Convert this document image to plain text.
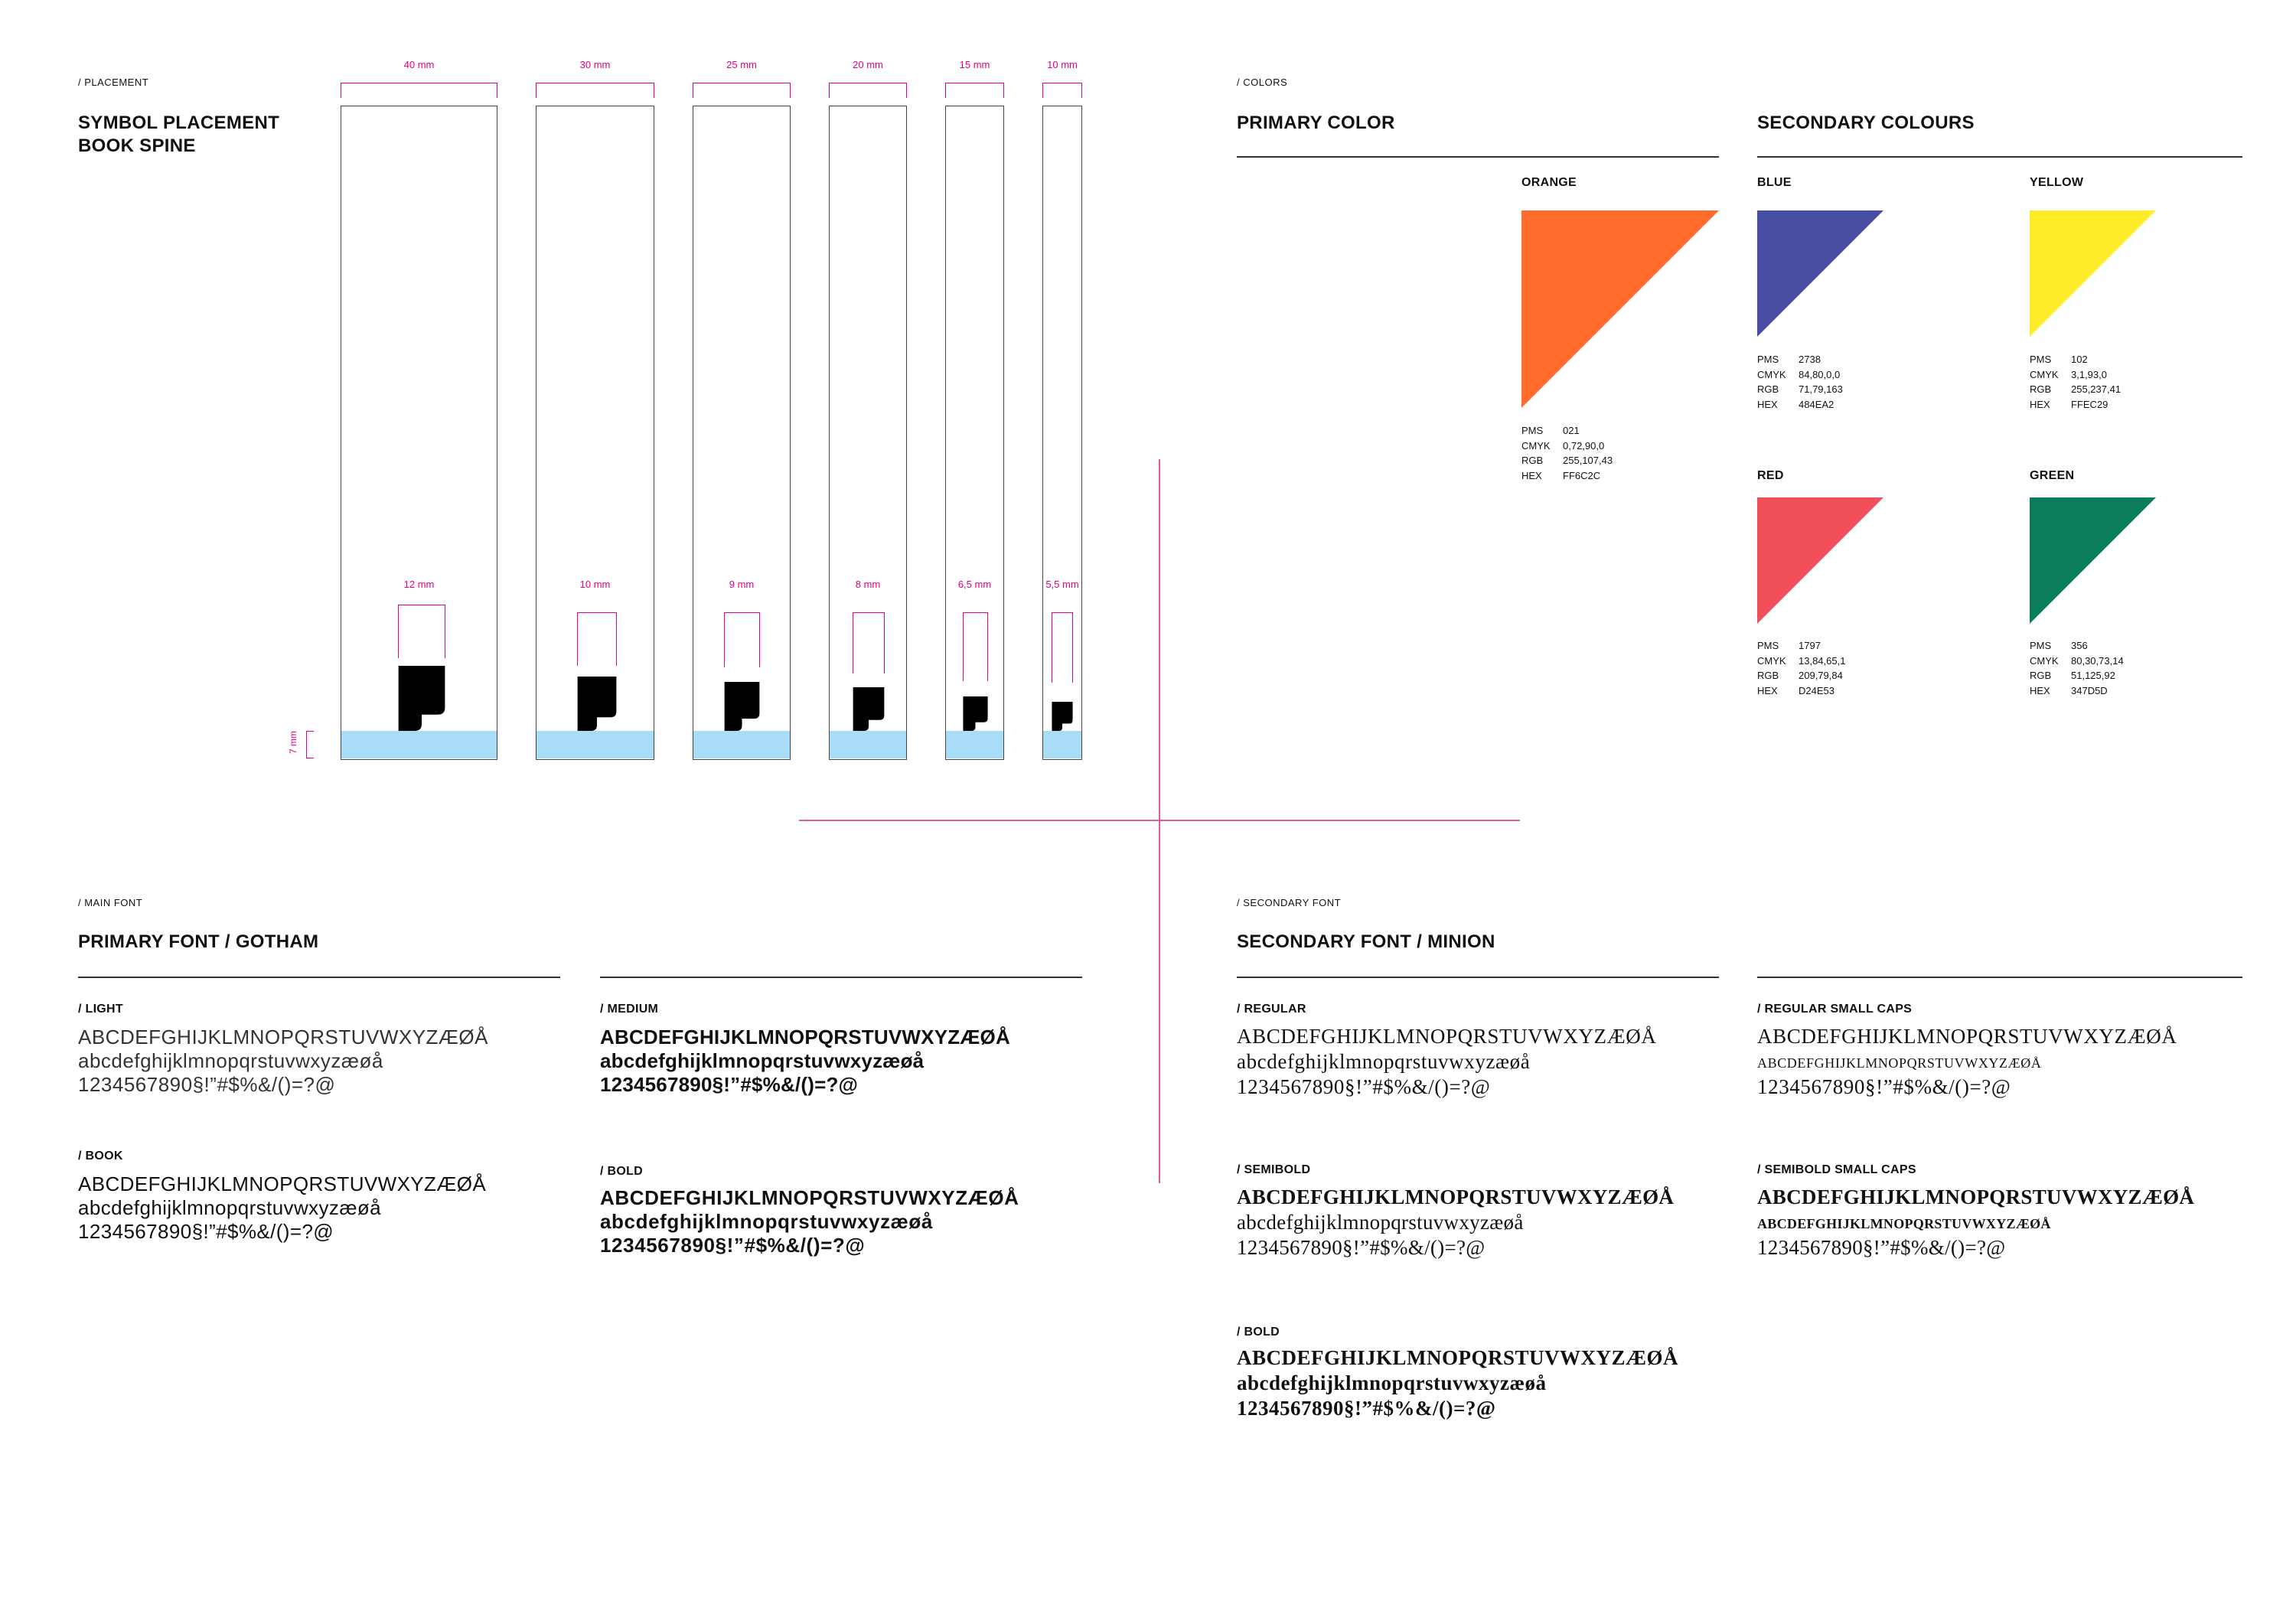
/ PLACEMENT
SYMBOL PLACEMENT
BOOK SPINE
7 mm
40 mm
12 mm
30 mm
10 mm
25 mm
9 mm
20 mm
8 mm
15 mm
6,5 mm
10 mm
5,5 mm
/ COLORS
PRIMARY COLOR	SECONDARY COLOURS
ORANGE
PMS 021
CMYK 0,72,90,0
RGB 255,107,43
HEX FF6C2C
BLUE
PMS 2738
CMYK 84,80,0,0
RGB 71,79,163
HEX 484EA2
YELLOW
PMS 102
CMYK 3,1,93,0
RGB 255,237,41
HEX FFEC29
RED
PMS 1797
CMYK 13,84,65,1
RGB 209,79,84
HEX D24E53
GREEN
PMS 356
CMYK 80,30,73,14
RGB 51,125,92
HEX 347D5D
/ MAIN FONT
PRIMARY FONT / GOTHAM
/ LIGHT
ABCDEFGHIJKLMNOPQRSTUVWXYZÆØÅ
abcdefghijklmnopqrstuvwxyzæøå
1234567890§!”#$%&/()=?@
/ BOOK
ABCDEFGHIJKLMNOPQRSTUVWXYZÆØÅ
abcdefghijklmnopqrstuvwxyzæøå
1234567890§!”#$%&/()=?@
/ MEDIUM
ABCDEFGHIJKLMNOPQRSTUVWXYZÆØÅ
abcdefghijklmnopqrstuvwxyzæøå
1234567890§!”#$%&/()=?@
/ BOLD
ABCDEFGHIJKLMNOPQRSTUVWXYZÆØÅ
abcdefghijklmnopqrstuvwxyzæøå
1234567890§!”#$%&/()=?@
/ SECONDARY FONT
SECONDARY FONT / MINION
/ REGULAR
ABCDEFGHIJKLMNOPQRSTUVWXYZÆØÅ
abcdefghijklmnopqrstuvwxyzæøå
1234567890§!”#$%&/()=?@
/ REGULAR SMALL CAPS
ABCDEFGHIJKLMNOPQRSTUVWXYZÆØÅ
abcdefghijklmnopqrstuvwxyzæøå
1234567890§!”#$%&/()=?@
/ SEMIBOLD
ABCDEFGHIJKLMNOPQRSTUVWXYZÆØÅ
abcdefghijklmnopqrstuvwxyzæøå
1234567890§!”#$%&/()=?@
/ SEMIBOLD SMALL CAPS
ABCDEFGHIJKLMNOPQRSTUVWXYZÆØÅ
abcdefghijklmnopqrstuvwxyzæøå
1234567890§!”#$%&/()=?@
/ BOLD
ABCDEFGHIJKLMNOPQRSTUVWXYZÆØÅ
abcdefghijklmnopqrstuvwxyzæøå
1234567890§!”#$%&/()=?@
